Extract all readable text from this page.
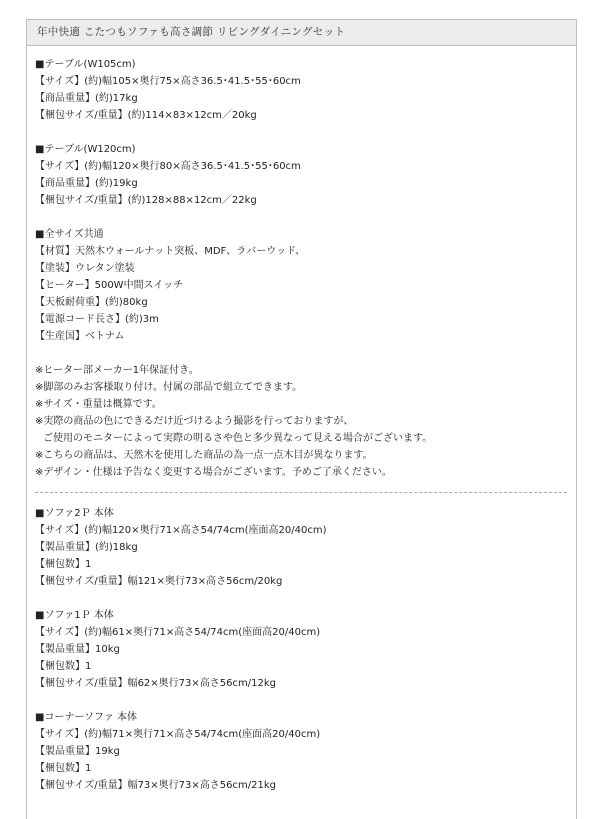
年中快適 こたつもソファも高さ調節 リビングダイニングセット
■テーブル(W105cm)
【サイズ】(約)幅105×奥行75×高さ36.5･41.5･55･60cm
【商品重量】(約)17kg
【梱包サイズ/重量】(約)114×83×12cm／20kg
■テーブル(W120cm)
【サイズ】(約)幅120×奥行80×高さ36.5･41.5･55･60cm
【商品重量】(約)19kg
【梱包サイズ/重量】(約)128×88×12cm／22kg
■全サイズ共通
【材質】天然木ウォールナット突板、MDF、ラバーウッド、
【塗装】ウレタン塗装
【ヒーター】500W中間スイッチ
【天板耐荷重】(約)80kg
【電源コード長さ】(約)3m
【生産国】ベトナム
※ヒーター部メーカー1年保証付き。
※脚部のみお客様取り付け。付属の部品で組立てできます。
※サイズ・重量は概算です。
※実際の商品の色にできるだけ近づけるよう撮影を行っておりますが、
ご使用のモニターによって実際の明るさや色と多少異なって見える場合がございます。
※こちらの商品は、天然木を使用した商品の為一点一点木目が異なります。
※デザイン・仕様は予告なく変更する場合がございます。予めご了承ください。
■ソファ2Ｐ 本体
【サイズ】(約)幅120×奥行71×高さ54/74cm(座面高20/40cm)
【製品重量】(約)18kg
【梱包数】1
【梱包サイズ/重量】幅121×奥行73×高さ56cm/20kg
■ソファ1Ｐ 本体
【サイズ】(約)幅61×奥行71×高さ54/74cm(座面高20/40cm)
【製品重量】10kg
【梱包数】1
【梱包サイズ/重量】幅62×奥行73×高さ56cm/12kg
■コーナーソファ 本体
【サイズ】(約)幅71×奥行71×高さ54/74cm(座面高20/40cm)
【製品重量】19kg
【梱包数】1
【梱包サイズ/重量】幅73×奥行73×高さ56cm/21kg
